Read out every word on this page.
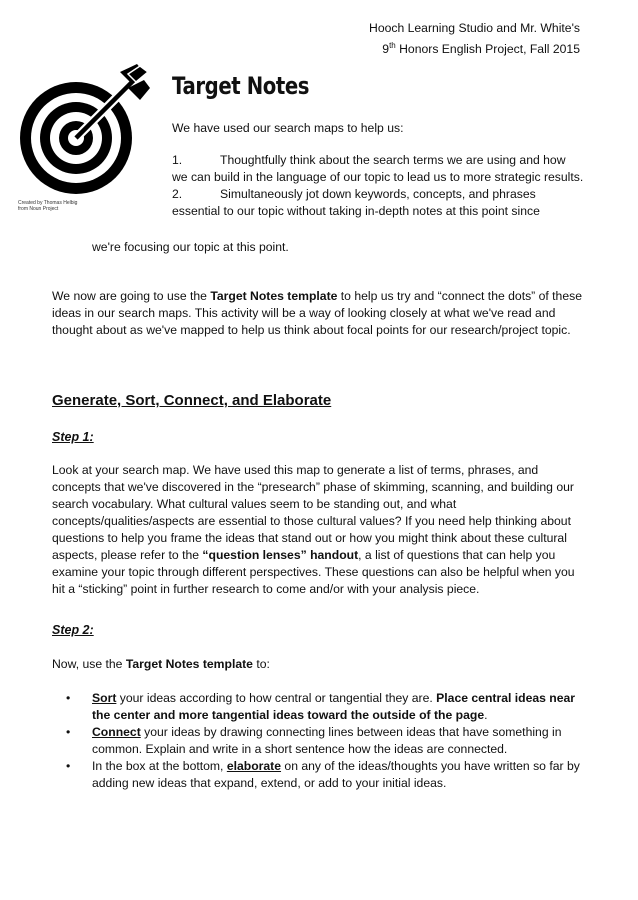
Hooch Learning Studio and Mr. White's
9th Honors English Project, Fall 2015
Created by Thomas Helbig
from Noun Project
Target Notes
We have used our search maps to help us:
1.	Thoughtfully think about the search terms we are using and how
we can build in the language of our topic to lead us to more strategic results.
2.	Simultaneously jot down keywords, concepts, and phrases
essential to our topic without taking in-depth notes at this point since
we're focusing our topic at this point.
We now are going to use the Target Notes template to help us try and “connect the dots” of these ideas in our search maps. This activity will be a way of looking closely at what we've read and thought about as we've mapped to help us think about focal points for our research/project topic.
Generate, Sort, Connect, and Elaborate
Step 1:
Look at your search map. We have used this map to generate a list of terms, phrases, and concepts that we've discovered in the “presearch” phase of skimming, scanning, and building our search vocabulary. What cultural values seem to be standing out, and what concepts/qualities/aspects are essential to those cultural values? If you need help thinking about questions to help you frame the ideas that stand out or how you might think about these cultural aspects, please refer to the “question lenses” handout, a list of questions that can help you examine your topic through different perspectives. These questions can also be helpful when you hit a “sticking” point in further research to come and/or with your analysis piece.
Step 2:
Now, use the Target Notes template to:
•	Sort your ideas according to how central or tangential they are. Place central ideas near the center and more tangential ideas toward the outside of the page.
•	Connect your ideas by drawing connecting lines between ideas that have something in common. Explain and write in a short sentence how the ideas are connected.
•	In the box at the bottom, elaborate on any of the ideas/thoughts you have written so far by adding new ideas that expand, extend, or add to your initial ideas.
